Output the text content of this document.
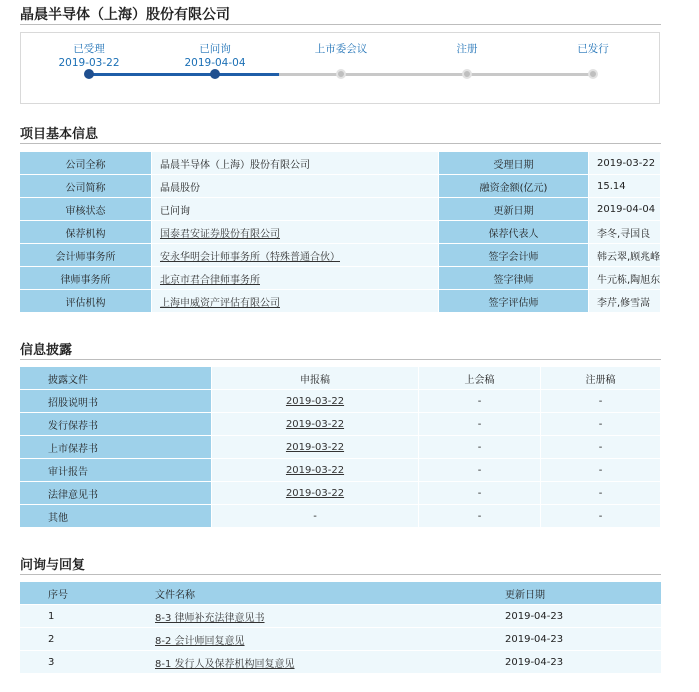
晶晨半导体（上海）股份有限公司
已受理
2019-03-22
已问询
2019-04-04
上市委会议	注册	已发行
项目基本信息
公司全称	晶晨半导体（上海）股份有限公司	受理日期	2019-03-22
公司简称	晶晨股份	融资金额(亿元)	15.14
审核状态	已问询	更新日期	2019-04-04
保荐机构	国泰君安证券股份有限公司	保荐代表人	李冬,寻国良
会计师事务所	安永华明会计师事务所（特殊普通合伙）	签字会计师	韩云翠,顾兆峰
律师事务所	北京市君合律师事务所	签字律师	牛元栋,陶旭东
评估机构	上海申威资产评估有限公司	签字评估师	李芹,修雪嵩
信息披露
披露文件	申报稿	上会稿	注册稿
招股说明书	2019-03-22	-	-
发行保荐书	2019-03-22	-	-
上市保荐书	2019-03-22	-	-
审计报告	2019-03-22	-	-
法律意见书	2019-03-22	-	-
其他	-	-	-
问询与回复
序号	文件名称	更新日期
1	8-3 律师补充法律意见书	2019-04-23
2	8-2 会计师回复意见	2019-04-23
3	8-1 发行人及保荐机构回复意见	2019-04-23
